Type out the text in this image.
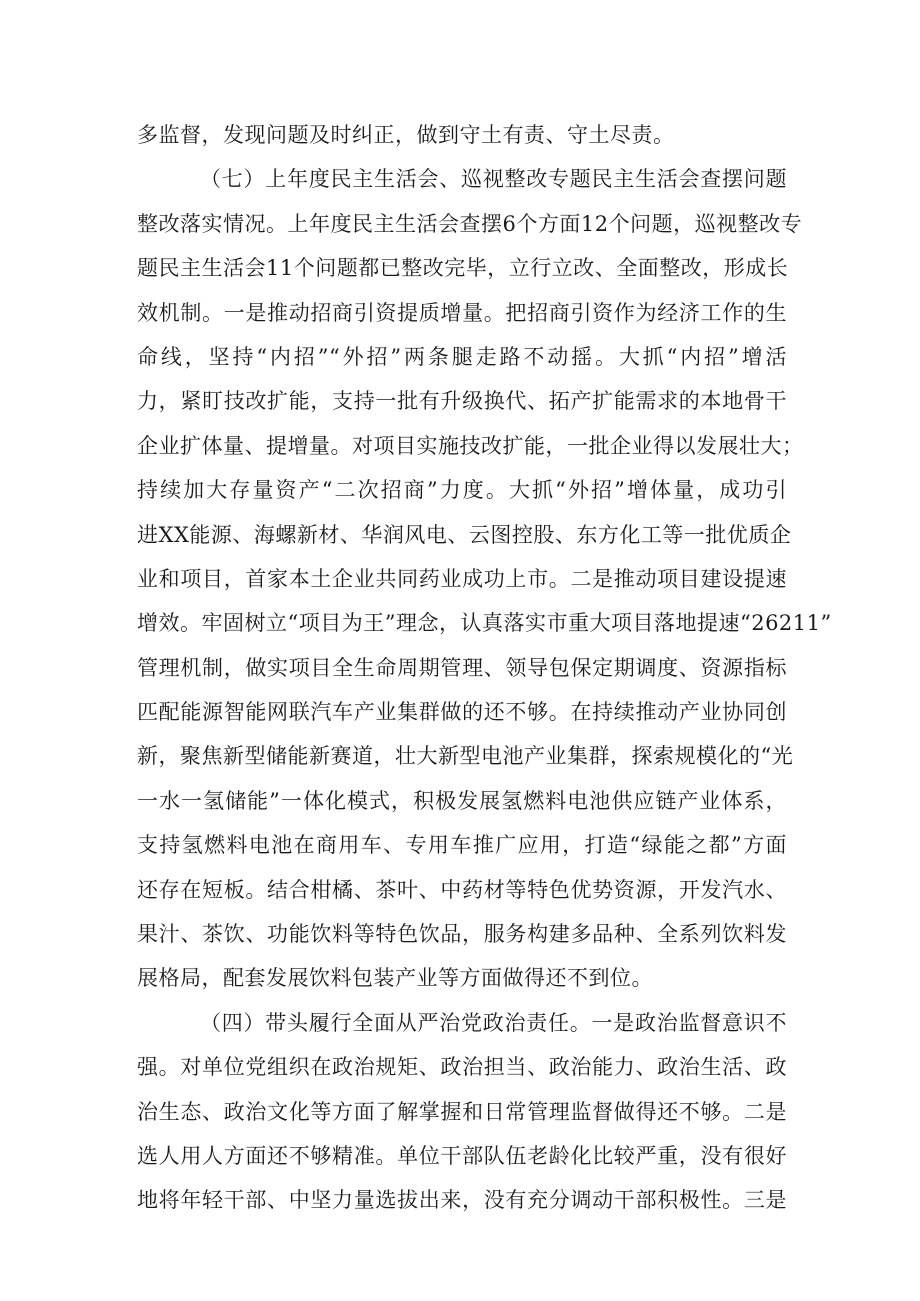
多监督，发现问题及时纠正，做到守土有责、守土尽责。
（七）上年度民主生活会、巡视整改专题民主生活会查摆问题
整改落实情况。上年度民主生活会查摆6个方面12个问题，巡视整改专
题民主生活会11个问题都已整改完毕，立行立改、全面整改，形成长
效机制。一是推动招商引资提质增量。把招商引资作为经济工作的生
命线，坚持“内招”“外招”两条腿走路不动摇。大抓“内招”增活
力，紧盯技改扩能，支持一批有升级换代、拓产扩能需求的本地骨干
企业扩体量、提增量。对项目实施技改扩能，一批企业得以发展壮大；
持续加大存量资产“二次招商”力度。大抓“外招”增体量，成功引
进XX能源、海螺新材、华润风电、云图控股、东方化工等一批优质企
业和项目，首家本土企业共同药业成功上市。二是推动项目建设提速
增效。牢固树立“项目为王”理念，认真落实市重大项目落地提速“26211”
管理机制，做实项目全生命周期管理、领导包保定期调度、资源指标
匹配能源智能网联汽车产业集群做的还不够。在持续推动产业协同创
新，聚焦新型储能新赛道，壮大新型电池产业集群，探索规模化的“光
一水一氢储能”一体化模式，积极发展氢燃料电池供应链产业体系，
支持氢燃料电池在商用车、专用车推广应用，打造“绿能之都”方面
还存在短板。结合柑橘、茶叶、中药材等特色优势资源，开发汽水、
果汁、茶饮、功能饮料等特色饮品，服务构建多品种、全系列饮料发
展格局，配套发展饮料包装产业等方面做得还不到位。
（四）带头履行全面从严治党政治责任。一是政治监督意识不
强。对单位党组织在政治规矩、政治担当、政治能力、政治生活、政
治生态、政治文化等方面了解掌握和日常管理监督做得还不够。二是
选人用人方面还不够精准。单位干部队伍老龄化比较严重，没有很好
地将年轻干部、中坚力量选拔出来，没有充分调动干部积极性。三是
